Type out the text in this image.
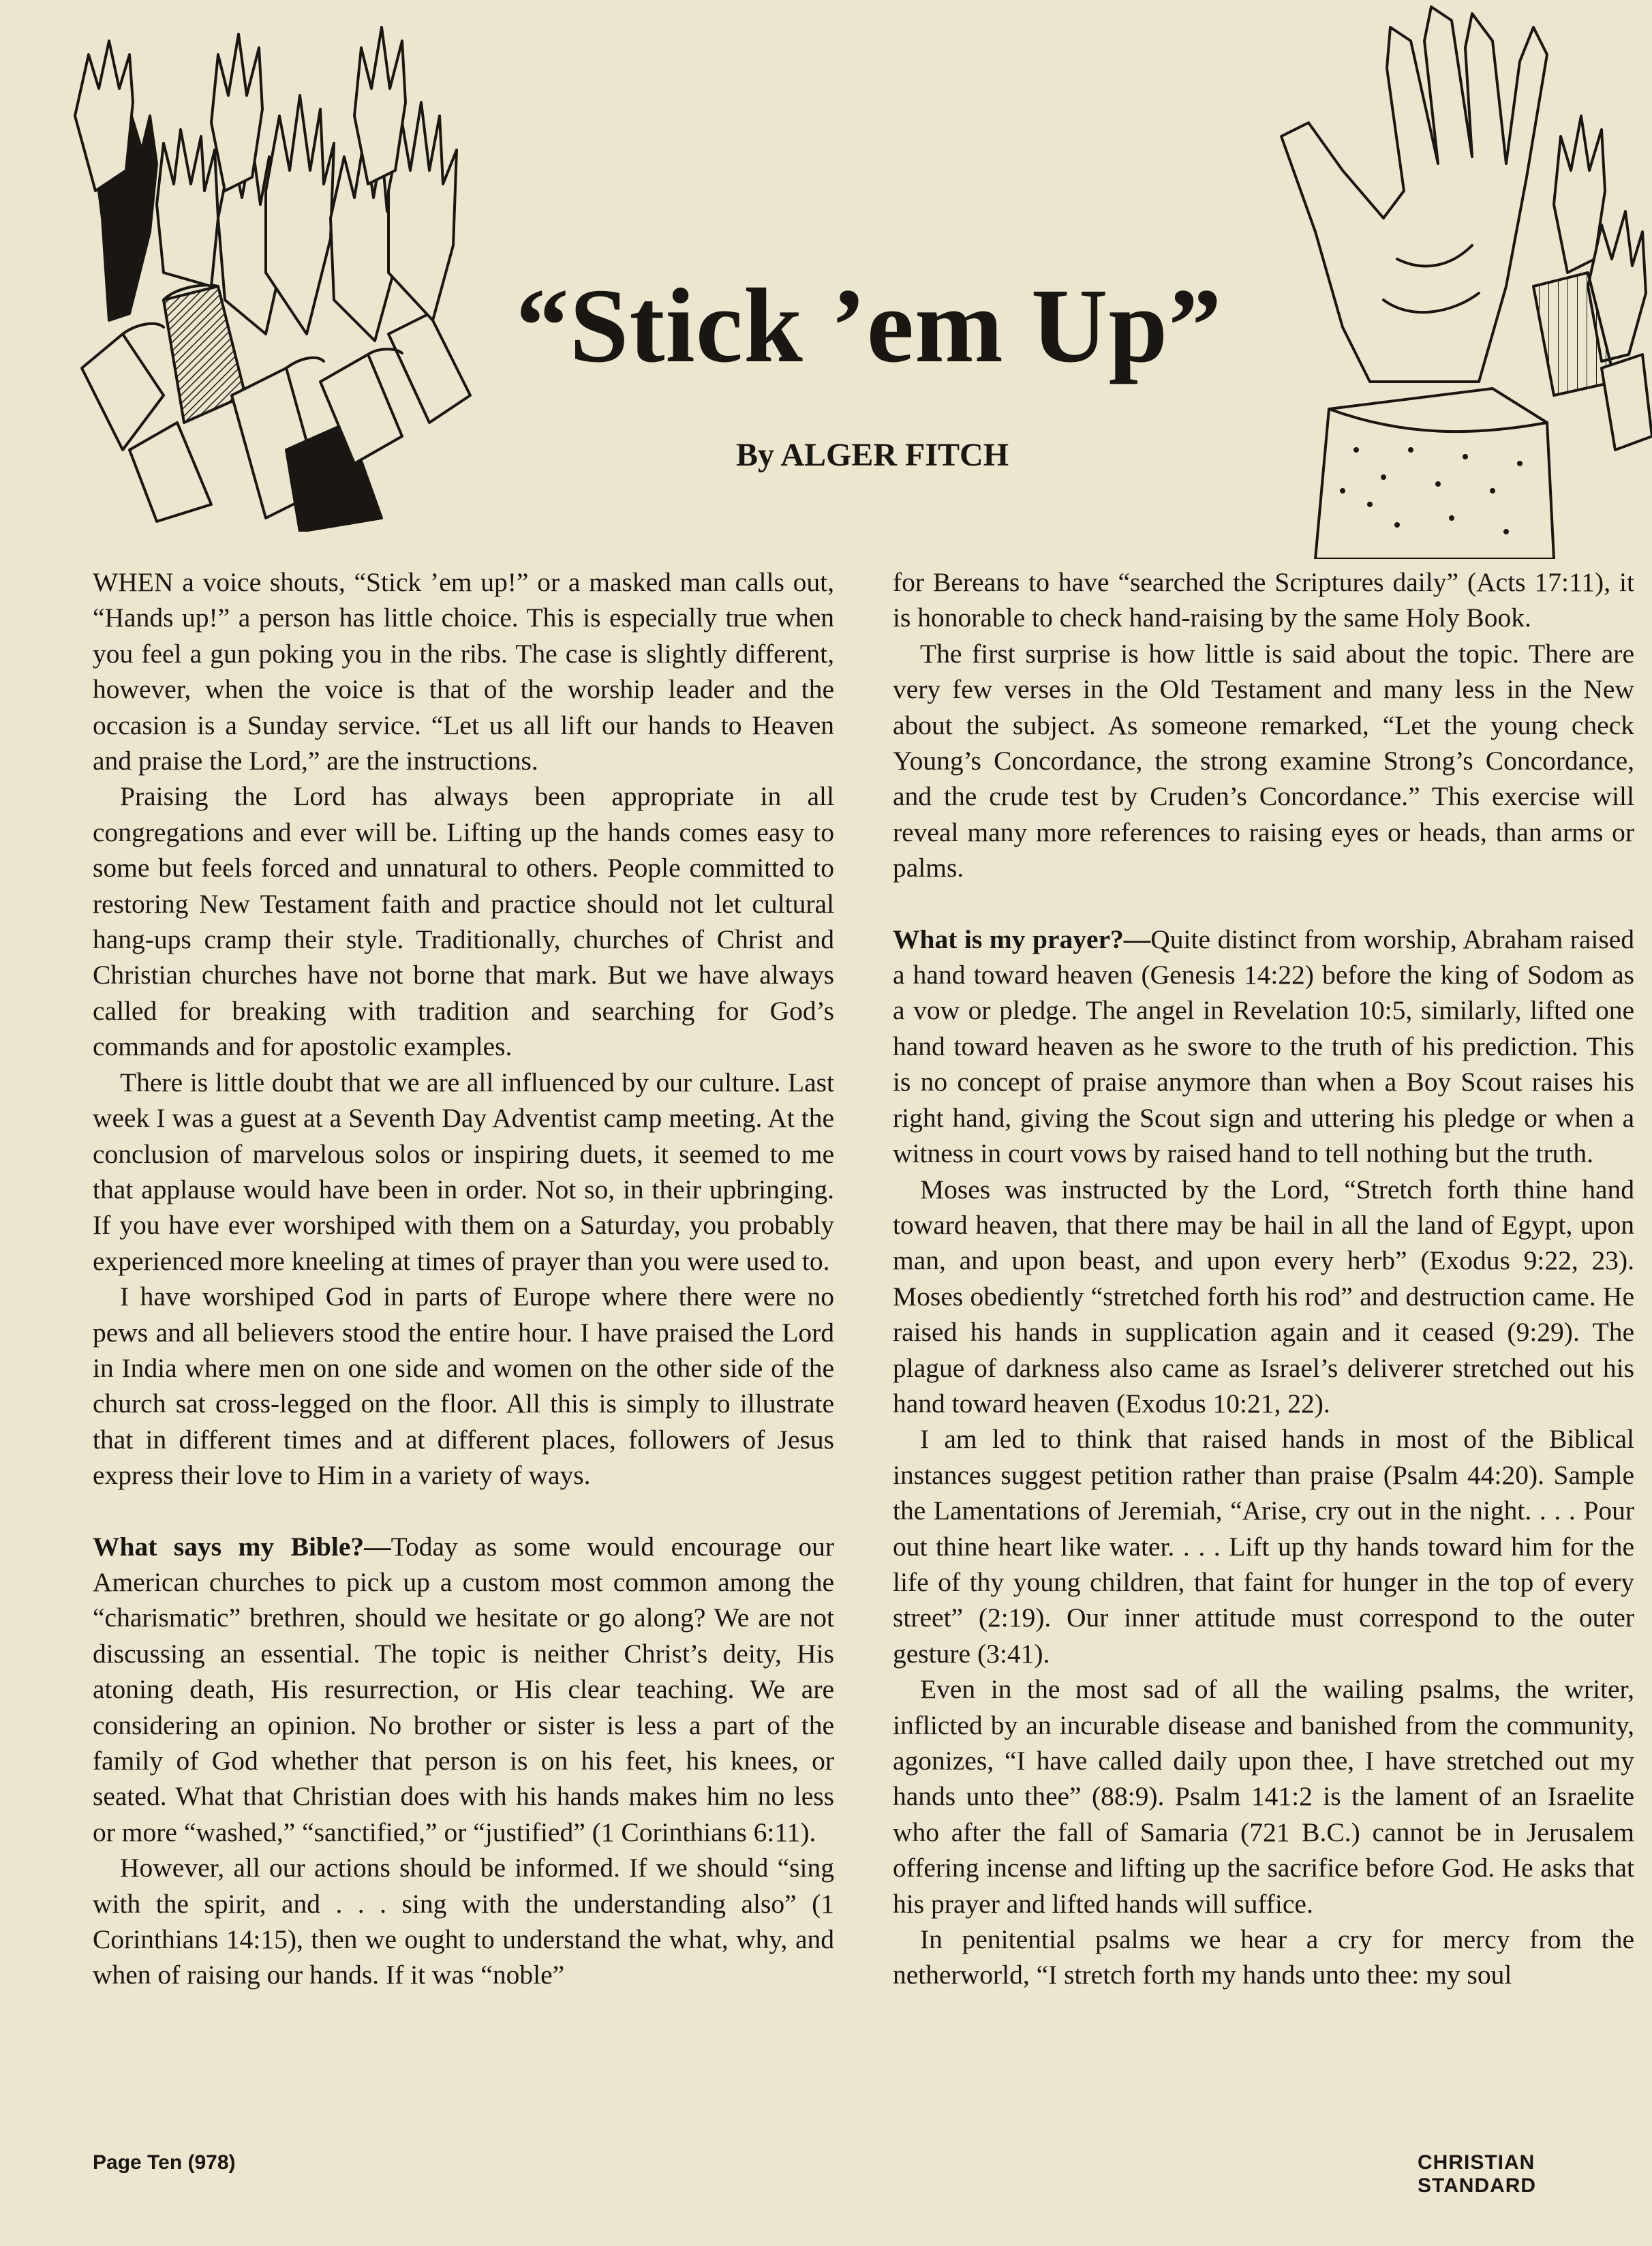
“Stick ’em Up”
By ALGER FITCH

WHEN a voice shouts, “Stick ’em up!” or a masked man calls out, “Hands up!” a person has little choice. This is especially true when you feel a gun poking you in the ribs. The case is slightly different, however, when the voice is that of the worship leader and the occasion is a Sunday service. “Let us all lift our hands to Heaven and praise the Lord,” are the instructions.

Praising the Lord has always been appropriate in all congregations and ever will be. Lifting up the hands comes easy to some but feels forced and unnatural to others. People committed to restoring New Testament faith and practice should not let cultural hang-ups cramp their style. Traditionally, churches of Christ and Christian churches have not borne that mark. But we have always called for breaking with tradition and searching for God’s commands and for apostolic examples.

There is little doubt that we are all influenced by our culture. Last week I was a guest at a Seventh Day Adventist camp meeting. At the conclusion of marvelous solos or inspiring duets, it seemed to me that applause would have been in order. Not so, in their upbringing. If you have ever worshiped with them on a Saturday, you probably experienced more kneeling at times of prayer than you were used to.

I have worshiped God in parts of Europe where there were no pews and all believers stood the entire hour. I have praised the Lord in India where men on one side and women on the other side of the church sat cross-legged on the floor. All this is simply to illustrate that in different times and at different places, followers of Jesus express their love to Him in a variety of ways.

What says my Bible?—Today as some would encourage our American churches to pick up a custom most common among the “charismatic” brethren, should we hesitate or go along? We are not discussing an essential. The topic is neither Christ’s deity, His atoning death, His resurrection, or His clear teaching. We are considering an opinion. No brother or sister is less a part of the family of God whether that person is on his feet, his knees, or seated. What that Christian does with his hands makes him no less or more “washed,” “sanctified,” or “justified” (1 Corinthians 6:11).

However, all our actions should be informed. If we should “sing with the spirit, and . . . sing with the understanding also” (1 Corinthians 14:15), then we ought to understand the what, why, and when of raising our hands. If it was “noble”

for Bereans to have “searched the Scriptures daily” (Acts 17:11), it is honorable to check hand-raising by the same Holy Book.

The first surprise is how little is said about the topic. There are very few verses in the Old Testament and many less in the New about the subject. As someone remarked, “Let the young check Young’s Concordance, the strong examine Strong’s Concordance, and the crude test by Cruden’s Concordance.” This exercise will reveal many more references to raising eyes or heads, than arms or palms.

What is my prayer?—Quite distinct from worship, Abraham raised a hand toward heaven (Genesis 14:22) before the king of Sodom as a vow or pledge. The angel in Revelation 10:5, similarly, lifted one hand toward heaven as he swore to the truth of his prediction. This is no concept of praise anymore than when a Boy Scout raises his right hand, giving the Scout sign and uttering his pledge or when a witness in court vows by raised hand to tell nothing but the truth.

Moses was instructed by the Lord, “Stretch forth thine hand toward heaven, that there may be hail in all the land of Egypt, upon man, and upon beast, and upon every herb” (Exodus 9:22, 23). Moses obediently “stretched forth his rod” and destruction came. He raised his hands in supplication again and it ceased (9:29). The plague of darkness also came as Israel’s deliverer stretched out his hand toward heaven (Exodus 10:21, 22).

I am led to think that raised hands in most of the Biblical instances suggest petition rather than praise (Psalm 44:20). Sample the Lamentations of Jeremiah, “Arise, cry out in the night. . . . Pour out thine heart like water. . . . Lift up thy hands toward him for the life of thy young children, that faint for hunger in the top of every street” (2:19). Our inner attitude must correspond to the outer gesture (3:41).

Even in the most sad of all the wailing psalms, the writer, inflicted by an incurable disease and banished from the community, agonizes, “I have called daily upon thee, I have stretched out my hands unto thee” (88:9). Psalm 141:2 is the lament of an Israelite who after the fall of Samaria (721 B.C.) cannot be in Jerusalem offering incense and lifting up the sacrifice before God. He asks that his prayer and lifted hands will suffice.

In penitential psalms we hear a cry for mercy from the netherworld, “I stretch forth my hands unto thee: my soul

Page Ten (978)	CHRISTIAN STANDARD
